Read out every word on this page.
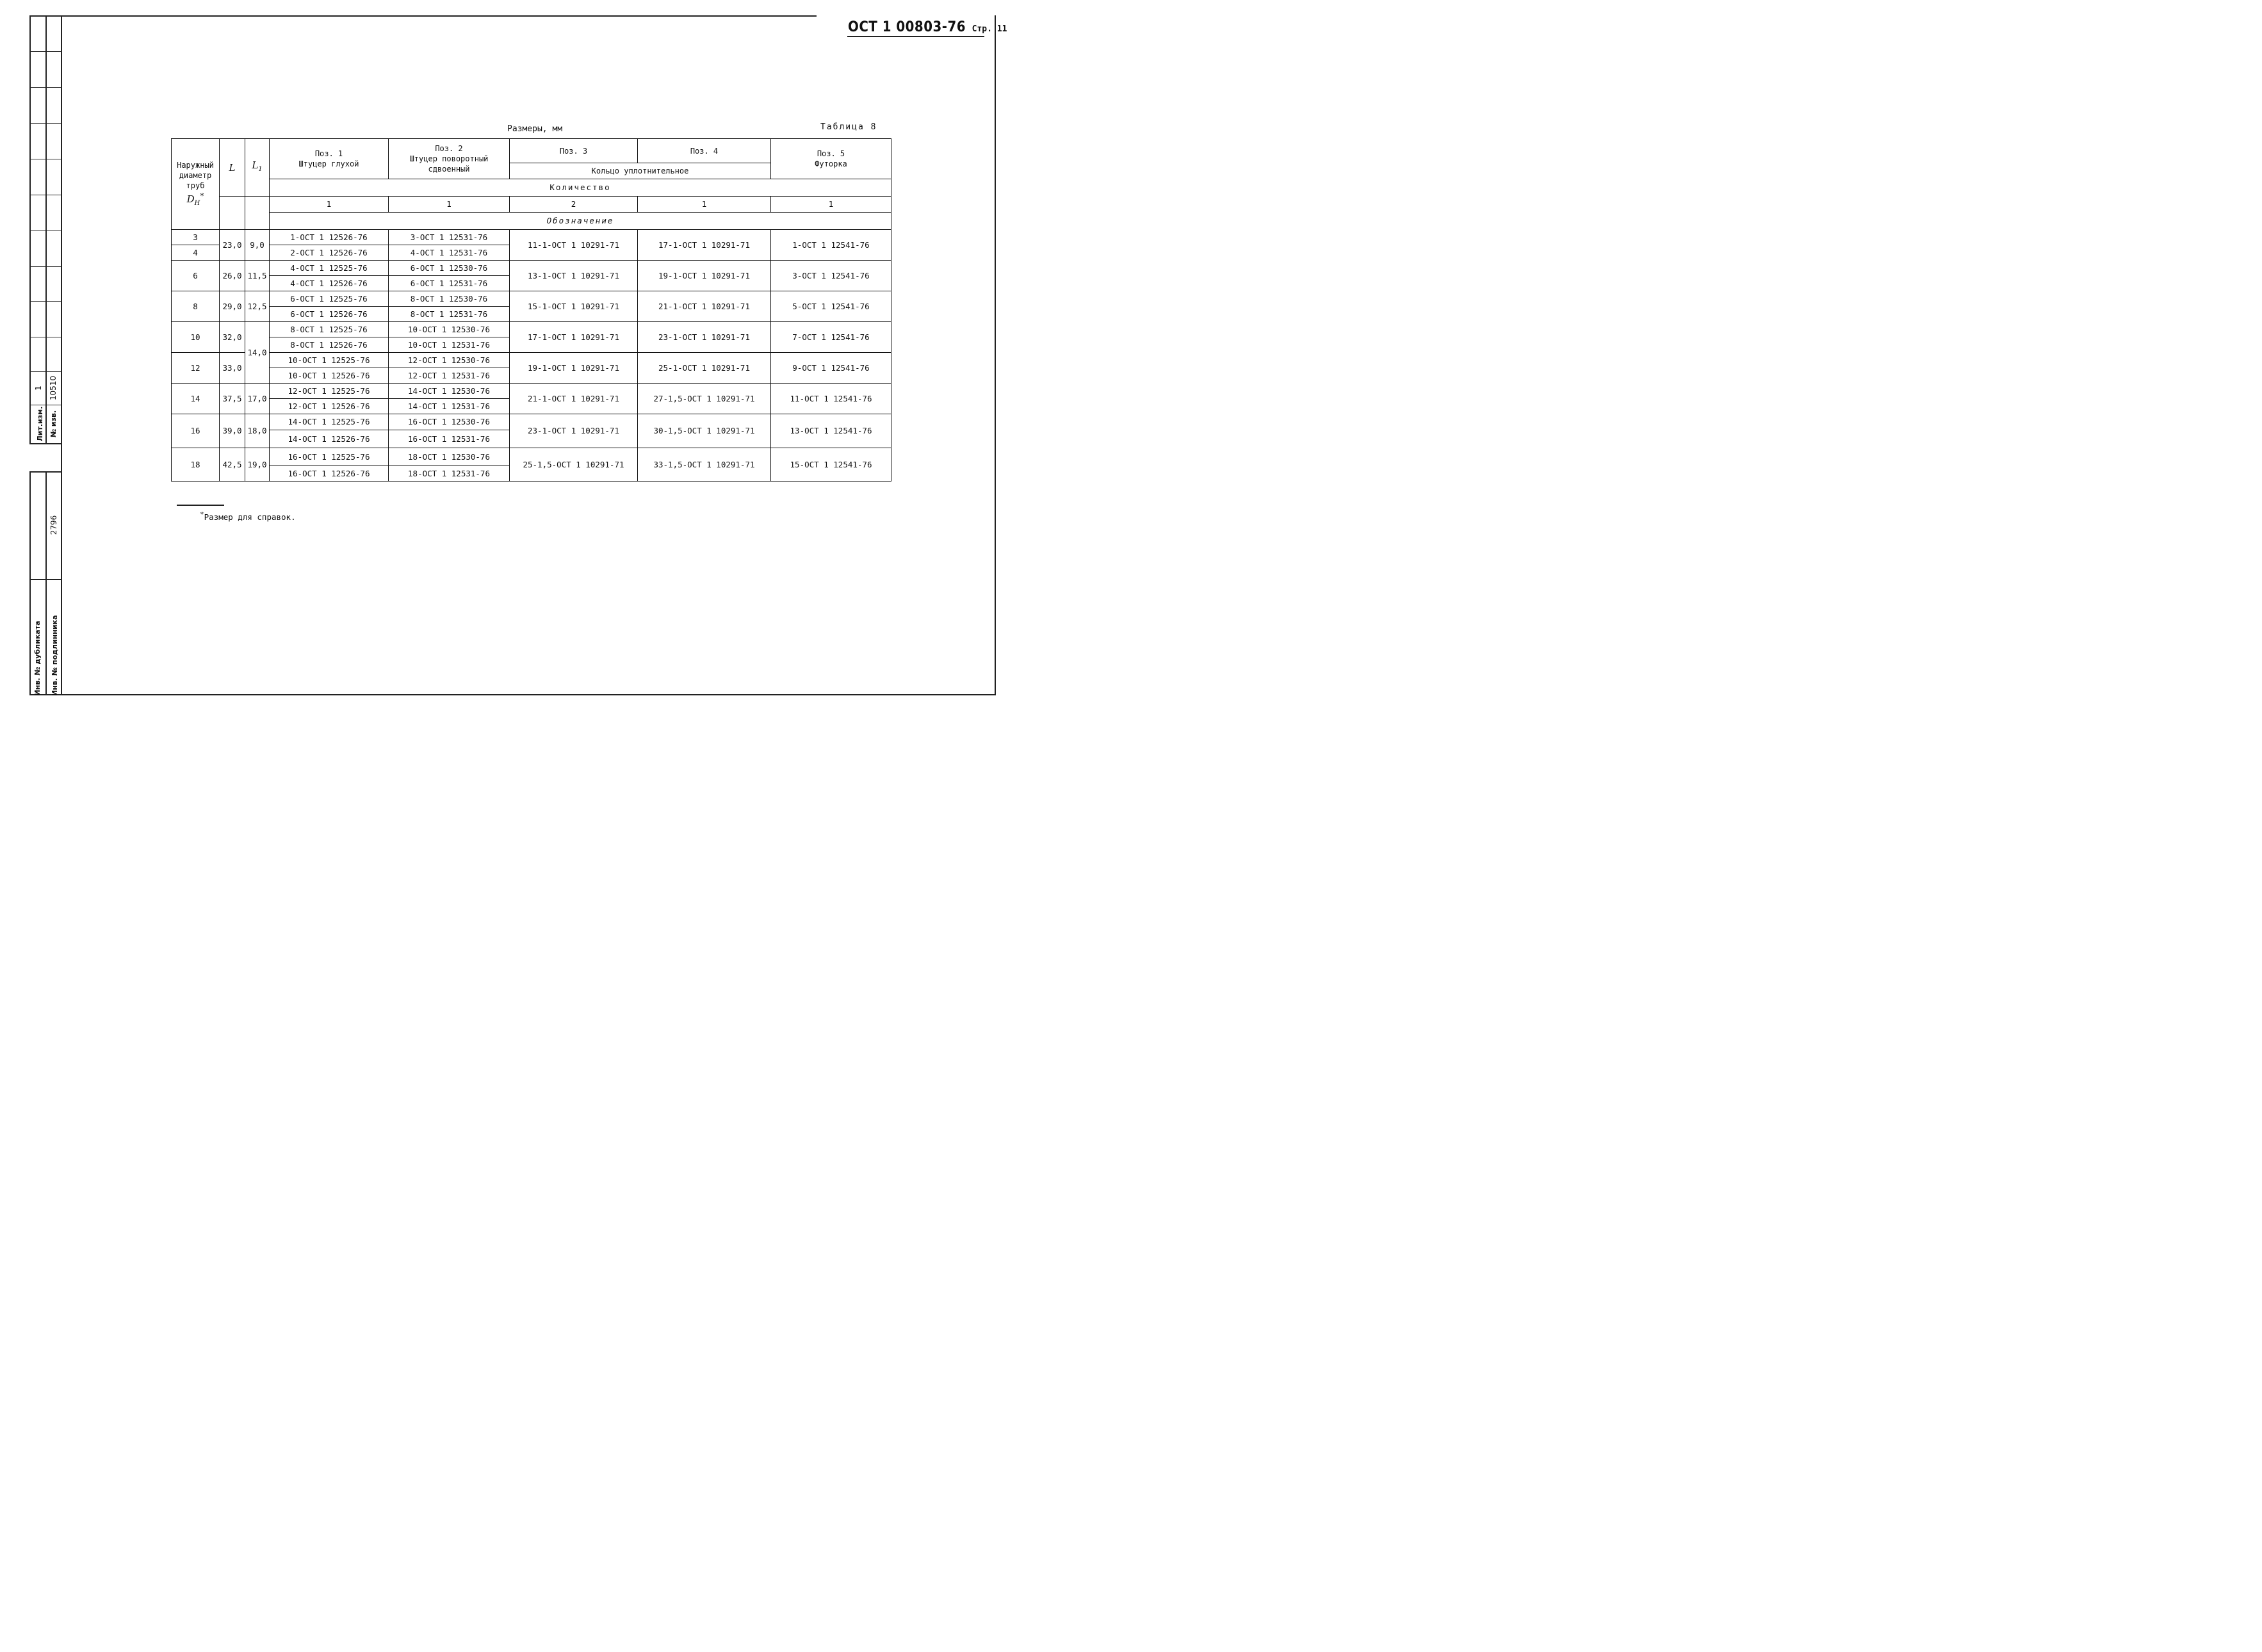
1 10510
Лит.изм. № изв.
2796
Инв. № дубликата Инв. № подлинника
ОСТ 1 00803-76 Стр. 11
Размеры, мм	Таблица 8
Наружный диаметр труб
$D_Н^*$	L	$L_1$	Поз. 1
Штуцер глухой	Поз. 2
Штуцер поворотный
сдвоенный	Поз. 3	Поз. 4	Поз. 5
Футорка
					Кольцо уплотнительное		
			Количество				
			1	1	2	1	1
			Обозначение				
3	23,0	9,0	1-ОСТ 1 12526-76	3-ОСТ 1 12531-76	11-1-ОСТ 1 10291-71	17-1-ОСТ 1 10291-71	1-ОСТ 1 12541-76
4			2-ОСТ 1 12526-76	4-ОСТ 1 12531-76			
6	26,0	11,5	4-ОСТ 1 12525-76	6-ОСТ 1 12530-76	13-1-ОСТ 1 10291-71	19-1-ОСТ 1 10291-71	3-ОСТ 1 12541-76
			4-ОСТ 1 12526-76	6-ОСТ 1 12531-76			
8	29,0	12,5	6-ОСТ 1 12525-76	8-ОСТ 1 12530-76	15-1-ОСТ 1 10291-71	21-1-ОСТ 1 10291-71	5-ОСТ 1 12541-76
			6-ОСТ 1 12526-76	8-ОСТ 1 12531-76			
10	32,0	14,0	8-ОСТ 1 12525-76	10-ОСТ 1 12530-76	17-1-ОСТ 1 10291-71	23-1-ОСТ 1 10291-71	7-ОСТ 1 12541-76
			8-ОСТ 1 12526-76	10-ОСТ 1 12531-76			
12	33,0		10-ОСТ 1 12525-76	12-ОСТ 1 12530-76	19-1-ОСТ 1 10291-71	25-1-ОСТ 1 10291-71	9-ОСТ 1 12541-76
			10-ОСТ 1 12526-76	12-ОСТ 1 12531-76			
14	37,5	17,0	12-ОСТ 1 12525-76	14-ОСТ 1 12530-76	21-1-ОСТ 1 10291-71	27-1,5-ОСТ 1 10291-71	11-ОСТ 1 12541-76
			12-ОСТ 1 12526-76	14-ОСТ 1 12531-76			
16	39,0	18,0	14-ОСТ 1 12525-76	16-ОСТ 1 12530-76	23-1-ОСТ 1 10291-71	30-1,5-ОСТ 1 10291-71	13-ОСТ 1 12541-76
			14-ОСТ 1 12526-76	16-ОСТ 1 12531-76			
18	42,5	19,0	16-ОСТ 1 12525-76	18-ОСТ 1 12530-76	25-1,5-ОСТ 1 10291-71	33-1,5-ОСТ 1 10291-71	15-ОСТ 1 12541-76
			16-ОСТ 1 12526-76	18-ОСТ 1 12531-76			
*Размер для справок.
